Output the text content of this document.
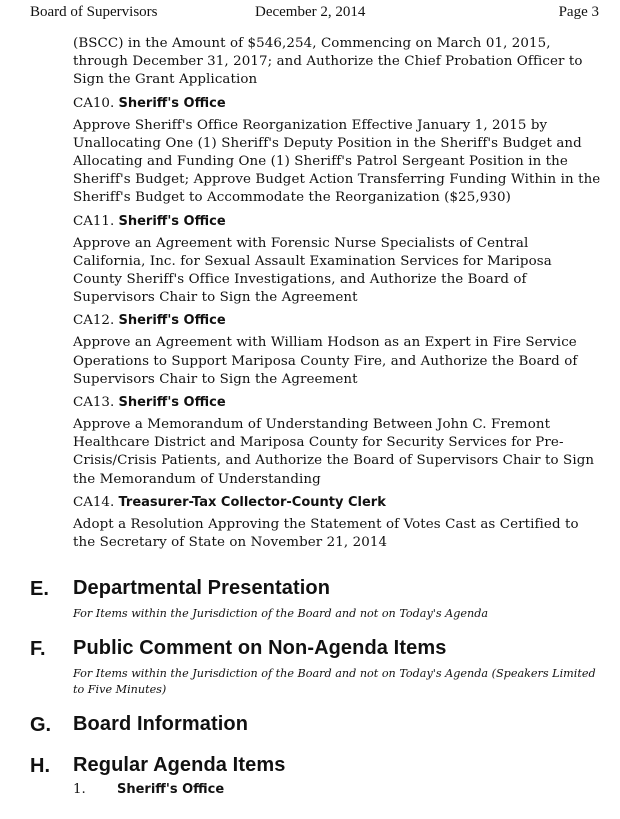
Board of Supervisors	December 2, 2014	Page 3

(BSCC) in the Amount of $546,254, Commencing on March 01, 2015, through December 31, 2017; and Authorize the Chief Probation Officer to Sign the Grant Application

CA10. Sheriff's Office

Approve Sheriff's Office Reorganization Effective January 1, 2015 by Unallocating One (1) Sheriff's Deputy Position in the Sheriff's Budget and Allocating and Funding One (1) Sheriff's Patrol Sergeant Position in the Sheriff's Budget; Approve Budget Action Transferring Funding Within in the Sheriff's Budget to Accommodate the Reorganization ($25,930)

CA11. Sheriff's Office

Approve an Agreement with Forensic Nurse Specialists of Central California, Inc. for Sexual Assault Examination Services for Mariposa County Sheriff's Office Investigations, and Authorize the Board of Supervisors Chair to Sign the Agreement

CA12. Sheriff's Office

Approve an Agreement with William Hodson as an Expert in Fire Service Operations to Support Mariposa County Fire, and Authorize the Board of Supervisors Chair to Sign the Agreement

CA13. Sheriff's Office

Approve a Memorandum of Understanding Between John C. Fremont Healthcare District and Mariposa County for Security Services for Pre-Crisis/Crisis Patients, and Authorize the Board of Supervisors Chair to Sign the Memorandum of Understanding

CA14. Treasurer-Tax Collector-County Clerk

Adopt a Resolution Approving the Statement of Votes Cast as Certified to the Secretary of State on November 21, 2014

E. Departmental Presentation
For Items within the Jurisdiction of the Board and not on Today's Agenda
F. Public Comment on Non-Agenda Items
For Items within the Jurisdiction of the Board and not on Today's Agenda (Speakers Limited to Five Minutes)
G. Board Information
H. Regular Agenda Items
1. Sheriff's Office
